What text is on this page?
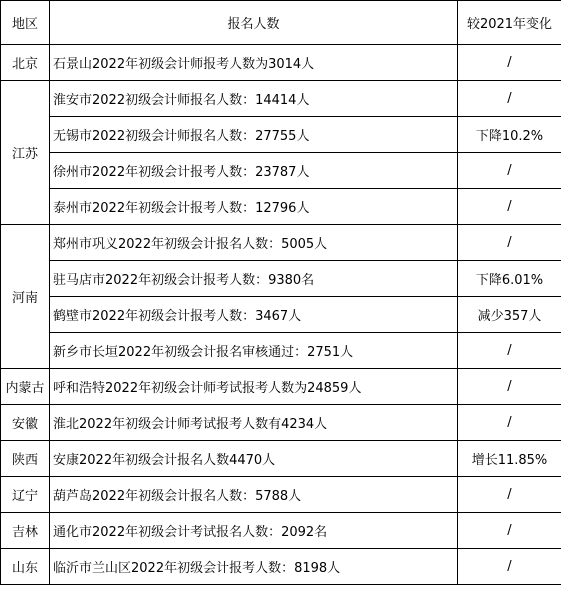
地区	报名人数	较2021年变化
北京	石景山2022年初级会计师报考人数为3014人	/
江苏	淮安市2022初级会计师报名人数：14414人	/
	无锡市2022初级会计师报名人数：27755人	下降10.2%
	徐州市2022年初级会计报考人数：23787人	/
	泰州市2022年初级会计报考人数：12796人	/
河南	郑州市巩义2022年初级会计报名人数：5005人	/
	驻马店市2022年初级会计报考人数：9380名	下降6.01%
	鹤壁市2022年初级会计报考人数：3467人	减少357人
	新乡市长垣2022年初级会计报名审核通过：2751人	/
内蒙古	呼和浩特2022年初级会计师考试报考人数为24859人	/
安徽	淮北2022年初级会计师考试报考人数有4234人	/
陕西	安康2022年初级会计报名人数4470人	增长11.85%
辽宁	葫芦岛2022年初级会计报名人数：5788人	/
吉林	通化市2022年初级会计考试报名人数：2092名	/
山东	临沂市兰山区2022年初级会计报考人数：8198人	/
